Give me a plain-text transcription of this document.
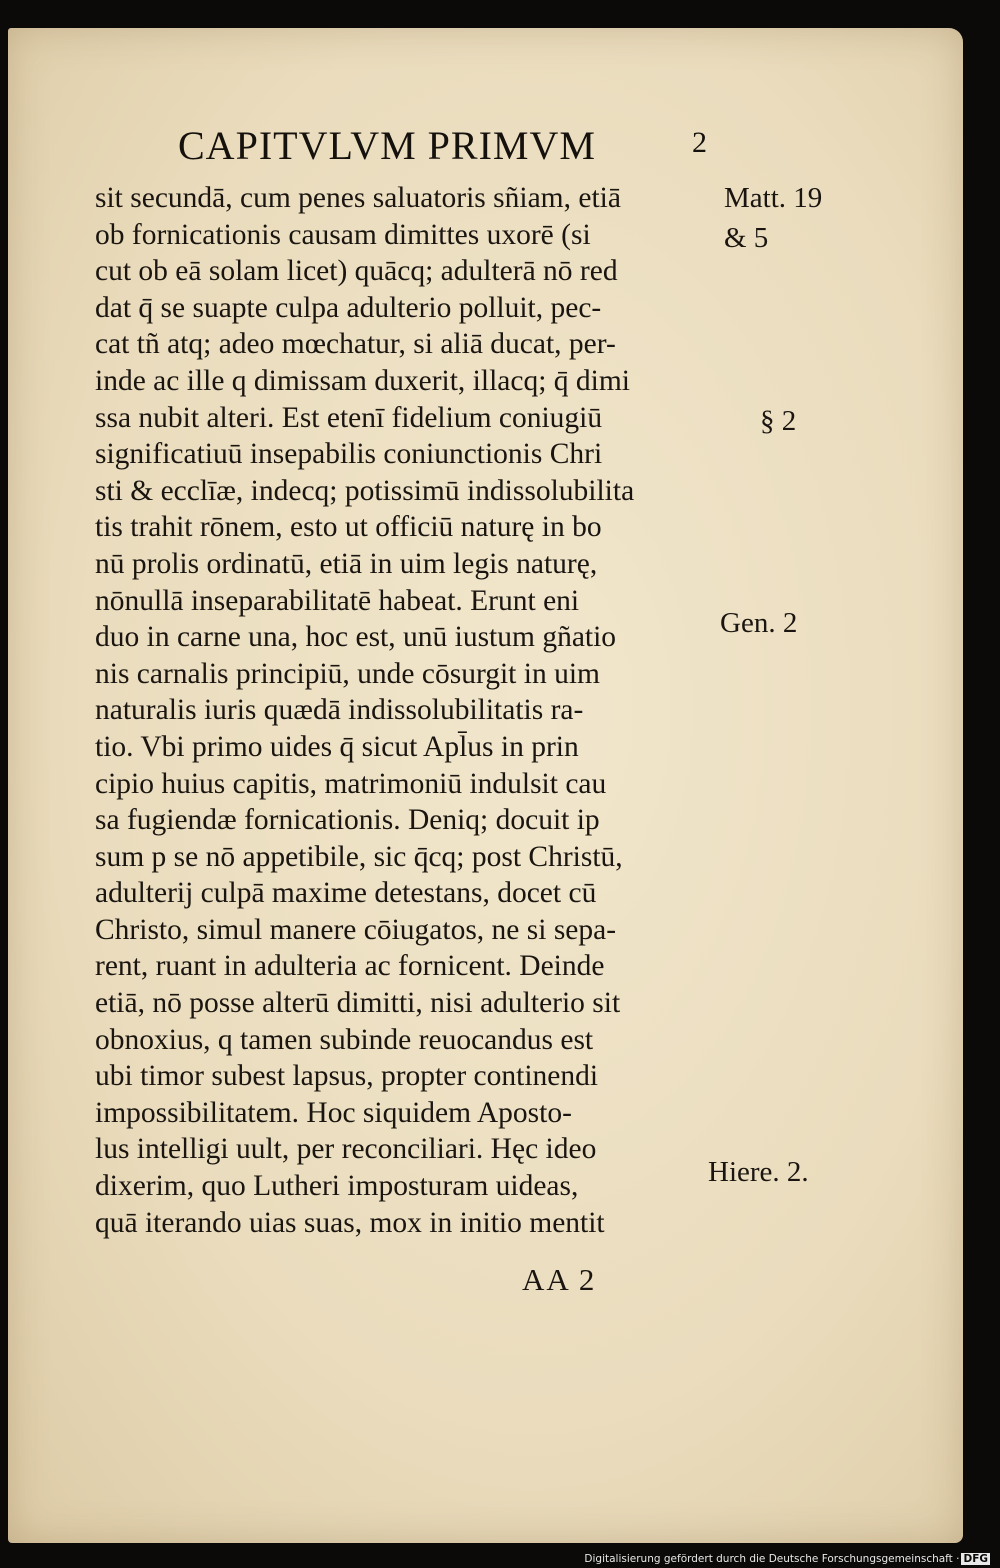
CAPITVLVM PRIMVM	2
sit secundā, cum penes saluatoris sñiam, etiā
ob fornicationis causam dimittes uxorē (si
cut ob eā solam licet) quācq; adulterā nō red
dat q̄ se suapte culpa adulterio polluit, pec-
cat tñ atq; adeo mœchatur, si aliā ducat, per-
inde ac ille q dimissam duxerit, illacq; q̄ dimi
ssa nubit alteri. Est etenī fidelium coniugiū
significatiuū insepabilis coniunctionis Chri
sti & ecclīæ, indecq; potissimū indissolubilita
tis trahit rōnem, esto ut officiū naturę in bo
nū prolis ordinatū, etiā in uim legis naturę,
nōnullā inseparabilitatē habeat. Erunt eni
duo in carne una, hoc est, unū iustum gñatio
nis carnalis principiū, unde cōsurgit in uim
naturalis iuris quædā indissolubilitatis ra-
tio. Vbi primo uides q̄ sicut Apl̄us in prin
cipio huius capitis, matrimoniū indulsit cau
sa fugiendæ fornicationis. Deniq; docuit ip
sum p se nō appetibile, sic q̄cq; post Christū,
adulterij culpā maxime detestans, docet cū
Christo, simul manere cōiugatos, ne si sepa-
rent, ruant in adulteria ac fornicent. Deinde
etiā, nō posse alterū dimitti, nisi adulterio sit
obnoxius, q tamen subinde reuocandus est
ubi timor subest lapsus, propter continendi
impossibilitatem. Hoc siquidem Aposto-
lus intelligi uult, per reconciliari. Hęc ideo
dixerim, quo Lutheri imposturam uideas,
quā iterando uias suas, mox in initio mentit
Matt. 19
& 5
§ 2
Gen. 2
Hiere. 2.
AA 2
Digitalisierung gefördert durch die Deutsche Forschungsgemeinschaft · DFG
